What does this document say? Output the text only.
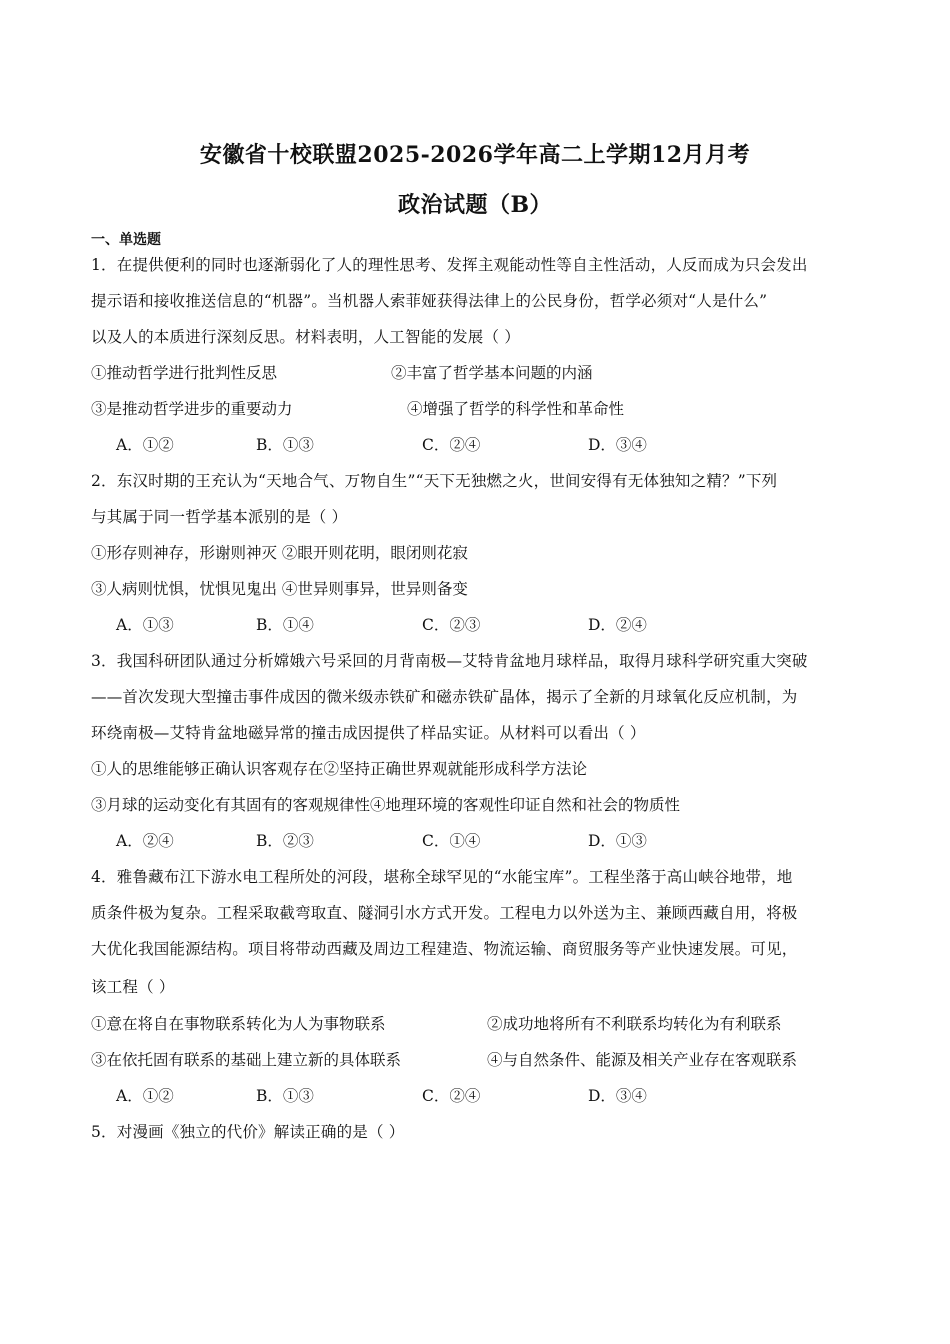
安徽省十校联盟2025-2026学年高二上学期12月月考
政治试题（B）
一、单选题
1．在提供便利的同时也逐渐弱化了人的理性思考、发挥主观能动性等自主性活动，人反而成为只会发出
提示语和接收推送信息的“机器”。当机器人索菲娅获得法律上的公民身份，哲学必须对“人是什么”
以及人的本质进行深刻反思。材料表明，人工智能的发展（ ）
①推动哲学进行批判性反思	②丰富了哲学基本问题的内涵
③是推动哲学进步的重要动力	④增强了哲学的科学性和革命性
A．①②	B．①③	C．②④	D．③④
2．东汉时期的王充认为“天地合气、万物自生”“天下无独燃之火，世间安得有无体独知之精？”下列
与其属于同一哲学基本派别的是（ ）
①形存则神存，形谢则神灭 ②眼开则花明，眼闭则花寂
③人病则忧惧，忧惧见鬼出 ④世异则事异，世异则备变
A．①③	B．①④	C．②③	D．②④
3．我国科研团队通过分析嫦娥六号采回的月背南极—艾特肯盆地月球样品，取得月球科学研究重大突破
——首次发现大型撞击事件成因的微米级赤铁矿和磁赤铁矿晶体，揭示了全新的月球氧化反应机制，为
环绕南极—艾特肯盆地磁异常的撞击成因提供了样品实证。从材料可以看出（ ）
①人的思维能够正确认识客观存在②坚持正确世界观就能形成科学方法论
③月球的运动变化有其固有的客观规律性④地理环境的客观性印证自然和社会的物质性
A．②④	B．②③	C．①④	D．①③
4．雅鲁藏布江下游水电工程所处的河段，堪称全球罕见的“水能宝库”。工程坐落于高山峡谷地带，地
质条件极为复杂。工程采取截弯取直、隧洞引水方式开发。工程电力以外送为主、兼顾西藏自用，将极
大优化我国能源结构。项目将带动西藏及周边工程建造、物流运输、商贸服务等产业快速发展。可见，
该工程（ ）
①意在将自在事物联系转化为人为事物联系	②成功地将所有不利联系均转化为有利联系
③在依托固有联系的基础上建立新的具体联系	④与自然条件、能源及相关产业存在客观联系
A．①②	B．①③	C．②④	D．③④
5．对漫画《独立的代价》解读正确的是（ ）
